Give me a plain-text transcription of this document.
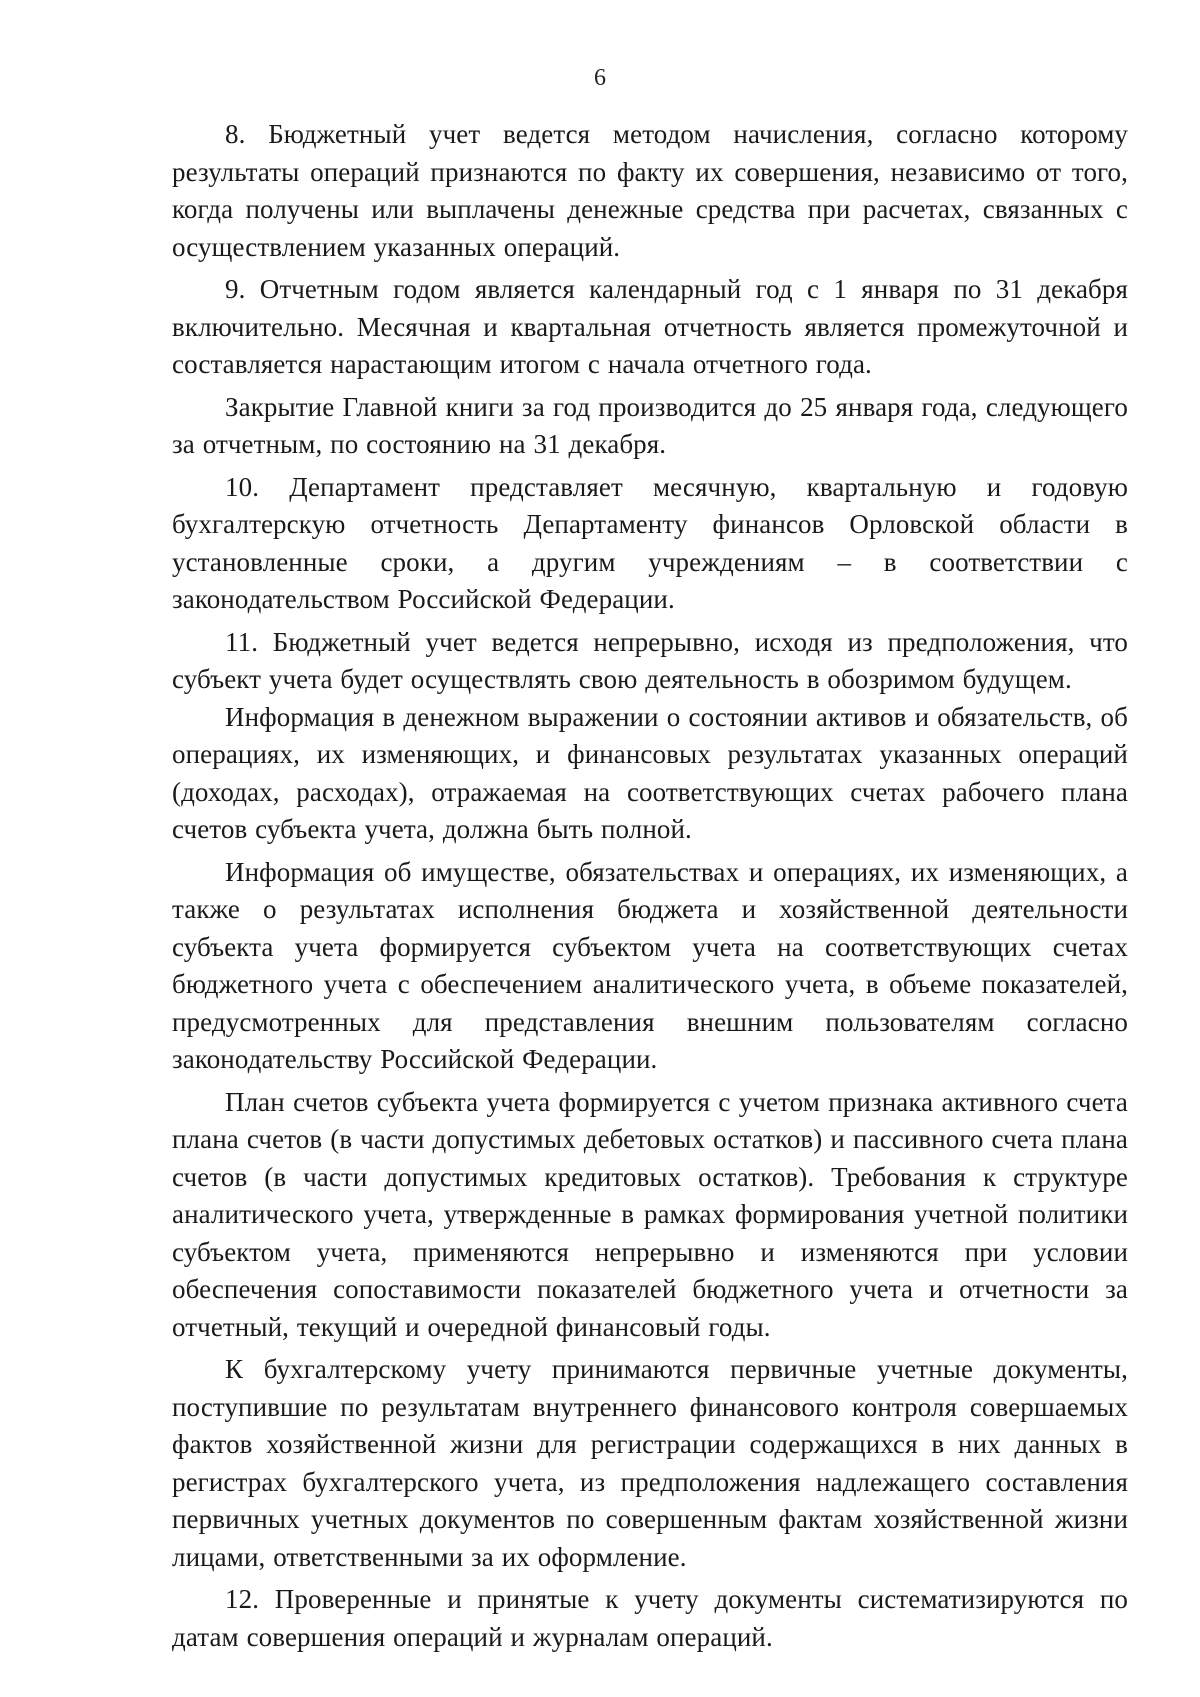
6

8. Бюджетный учет ведется методом начисления, согласно которому результаты операций признаются по факту их совершения, независимо от того, когда получены или выплачены денежные средства при расчетах, связанных с осуществлением указанных операций.

9. Отчетным годом является календарный год с 1 января по 31 декабря включительно. Месячная и квартальная отчетность является промежуточной и составляется нарастающим итогом с начала отчетного года.

Закрытие Главной книги за год производится до 25 января года, следующего за отчетным, по состоянию на 31 декабря.

10. Департамент представляет месячную, квартальную и годовую бухгалтерскую отчетность Департаменту финансов Орловской области в установленные сроки, а другим учреждениям – в соответствии с законодательством Российской Федерации.

11. Бюджетный учет ведется непрерывно, исходя из предположения, что субъект учета будет осуществлять свою деятельность в обозримом будущем.

Информация в денежном выражении о состоянии активов и обязательств, об операциях, их изменяющих, и финансовых результатах указанных операций (доходах, расходах), отражаемая на соответствующих счетах рабочего плана счетов субъекта учета, должна быть полной.

Информация об имуществе, обязательствах и операциях, их изменяющих, а также о результатах исполнения бюджета и хозяйственной деятельности субъекта учета формируется субъектом учета на соответствующих счетах бюджетного учета с обеспечением аналитического учета, в объеме показателей, предусмотренных для представления внешним пользователям согласно законодательству Российской Федерации.

План счетов субъекта учета формируется с учетом признака активного счета плана счетов (в части допустимых дебетовых остатков) и пассивного счета плана счетов (в части допустимых кредитовых остатков). Требования к структуре аналитического учета, утвержденные в рамках формирования учетной политики субъектом учета, применяются непрерывно и изменяются при условии обеспечения сопоставимости показателей бюджетного учета и отчетности за отчетный, текущий и очередной финансовый годы.

К бухгалтерскому учету принимаются первичные учетные документы, поступившие по результатам внутреннего финансового контроля совершаемых фактов хозяйственной жизни для регистрации содержащихся в них данных в регистрах бухгалтерского учета, из предположения надлежащего составления первичных учетных документов по совершенным фактам хозяйственной жизни лицами, ответственными за их оформление.

12. Проверенные и принятые к учету документы систематизируются по датам совершения операций и журналам операций.
